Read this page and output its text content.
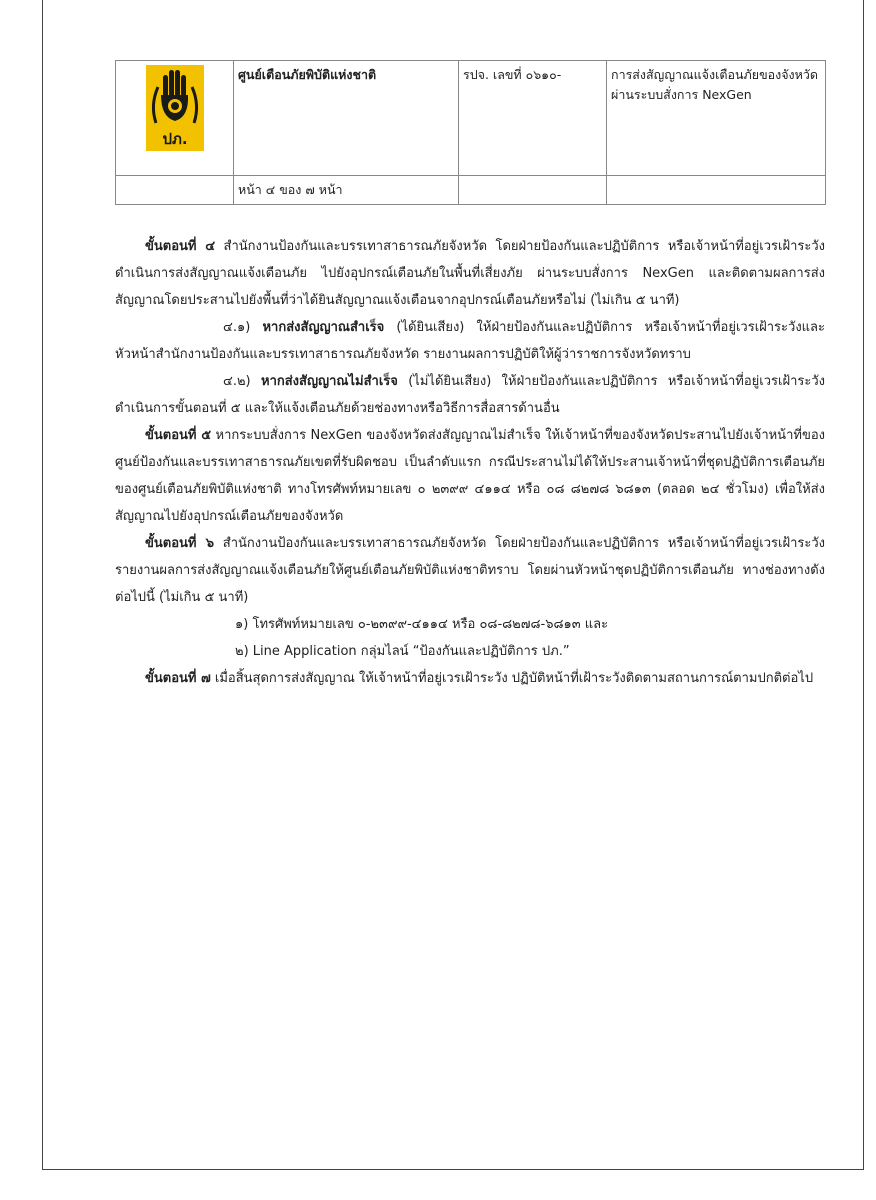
ปภ.	ศูนย์เตือนภัยพิบัติแห่งชาติ	รปจ. เลขที่ ๐๖๑๐-	การส่งสัญญาณแจ้งเตือนภัยของจังหวัดผ่านระบบสั่งการ NexGen
	หน้า ๔ ของ ๗ หน้า		

ขั้นตอนที่ ๔ สำนักงานป้องกันและบรรเทาสาธารณภัยจังหวัด โดยฝ่ายป้องกันและปฏิบัติการ หรือเจ้าหน้าที่อยู่เวรเฝ้าระวัง ดำเนินการส่งสัญญาณแจ้งเตือนภัย ไปยังอุปกรณ์เตือนภัยในพื้นที่เสี่ยงภัย ผ่านระบบสั่งการ NexGen และติดตามผลการส่งสัญญาณโดยประสานไปยังพื้นที่ว่าได้ยินสัญญาณแจ้งเตือนจากอุปกรณ์เตือนภัยหรือไม่ (ไม่เกิน ๕ นาที)

๔.๑) หากส่งสัญญาณสำเร็จ (ได้ยินเสียง) ให้ฝ่ายป้องกันและปฏิบัติการ หรือเจ้าหน้าที่อยู่เวรเฝ้าระวังและหัวหน้าสำนักงานป้องกันและบรรเทาสาธารณภัยจังหวัด รายงานผลการปฏิบัติให้ผู้ว่าราชการจังหวัดทราบ

๔.๒) หากส่งสัญญาณไม่สำเร็จ (ไม่ได้ยินเสียง) ให้ฝ่ายป้องกันและปฏิบัติการ หรือเจ้าหน้าที่อยู่เวรเฝ้าระวัง ดำเนินการขั้นตอนที่ ๕ และให้แจ้งเตือนภัยด้วยช่องทางหรือวิธีการสื่อสารด้านอื่น

ขั้นตอนที่ ๕ หากระบบสั่งการ NexGen ของจังหวัดส่งสัญญาณไม่สำเร็จ ให้เจ้าหน้าที่ของจังหวัดประสานไปยังเจ้าหน้าที่ของศูนย์ป้องกันและบรรเทาสาธารณภัยเขตที่รับผิดชอบ เป็นลำดับแรก กรณีประสานไม่ได้ให้ประสานเจ้าหน้าที่ชุดปฏิบัติการเตือนภัยของศูนย์เตือนภัยพิบัติแห่งชาติ ทางโทรศัพท์หมายเลข ๐ ๒๓๙๙ ๔๑๑๔ หรือ ๐๘ ๘๒๗๘ ๖๘๑๓ (ตลอด ๒๔ ชั่วโมง) เพื่อให้ส่งสัญญาณไปยังอุปกรณ์เตือนภัยของจังหวัด

ขั้นตอนที่ ๖ สำนักงานป้องกันและบรรเทาสาธารณภัยจังหวัด โดยฝ่ายป้องกันและปฏิบัติการ หรือเจ้าหน้าที่อยู่เวรเฝ้าระวัง รายงานผลการส่งสัญญาณแจ้งเตือนภัยให้ศูนย์เตือนภัยพิบัติแห่งชาติทราบ โดยผ่านหัวหน้าชุดปฏิบัติการเตือนภัย ทางช่องทางดังต่อไปนี้ (ไม่เกิน ๕ นาที)

๑) โทรศัพท์หมายเลข ๐-๒๓๙๙-๔๑๑๔ หรือ ๐๘-๘๒๗๘-๖๘๑๓ และ

๒) Line Application กลุ่มไลน์ “ป้องกันและปฏิบัติการ ปภ.”

ขั้นตอนที่ ๗ เมื่อสิ้นสุดการส่งสัญญาณ ให้เจ้าหน้าที่อยู่เวรเฝ้าระวัง ปฏิบัติหน้าที่เฝ้าระวังติดตามสถานการณ์ตามปกติต่อไป
